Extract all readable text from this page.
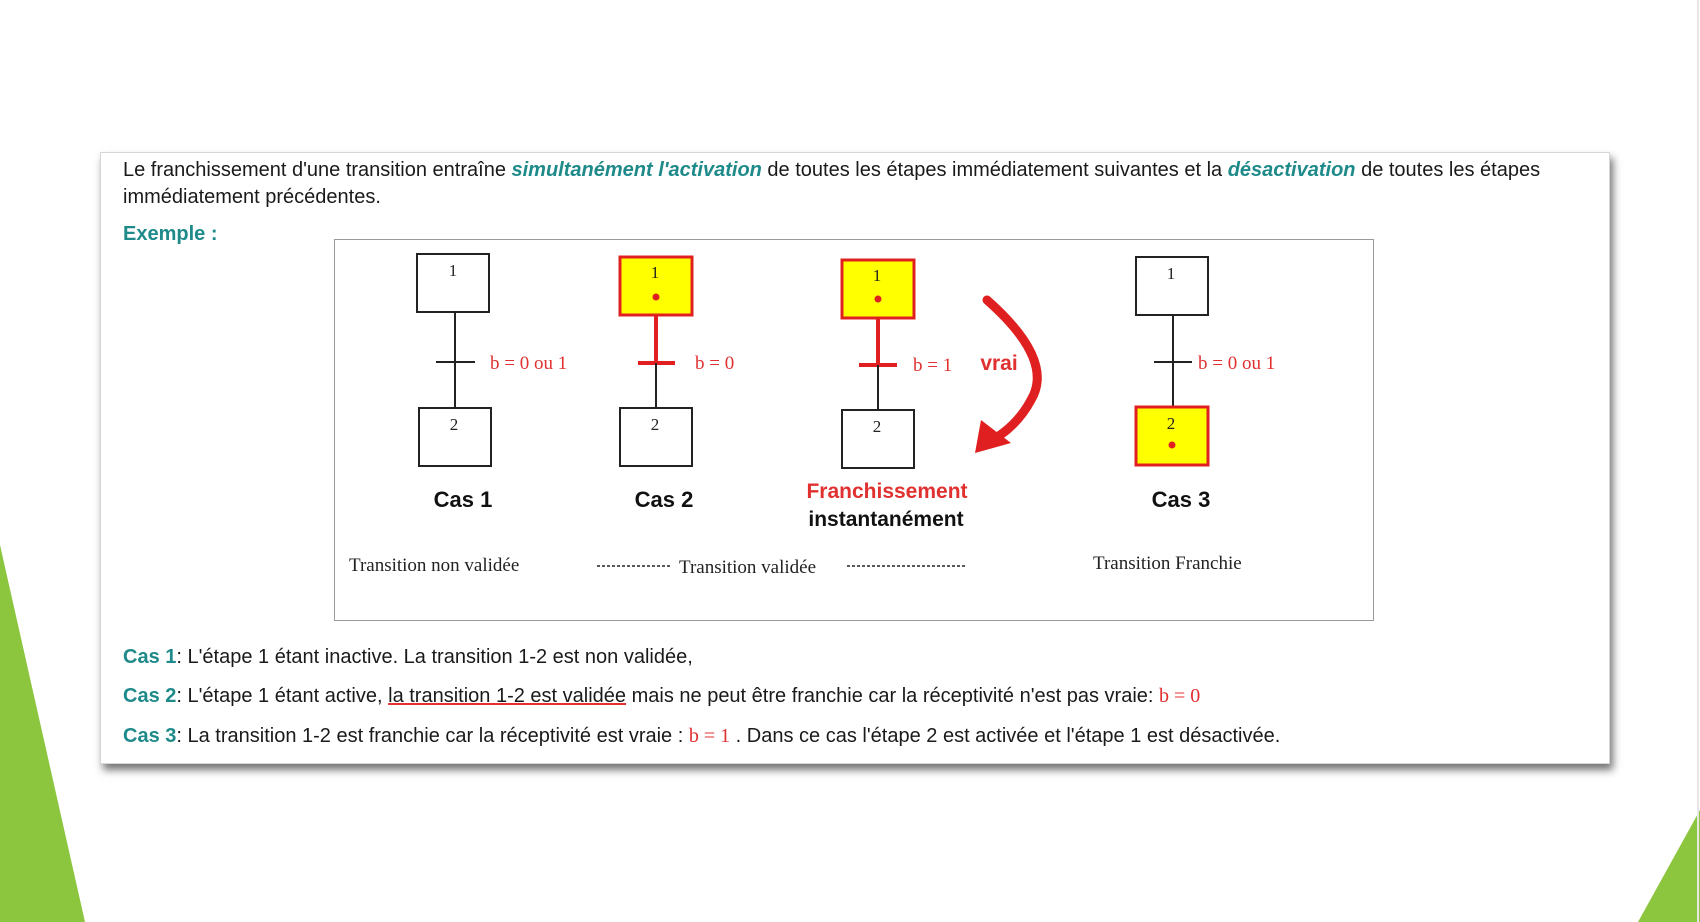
Le franchissement d'une transition entraîne simultanément l'activation de toutes les étapes immédiatement suivantes et la désactivation de toutes les étapes immédiatement précédentes.
Exemple :
1
b = 0 ou 1
2
Cas 1
1
b = 0
2
Cas 2
1
b = 1
2
vrai
Franchissement
instantanément
1
b = 0 ou 1
2
Cas 3
Transition non validée	Transition validée	Transition Franchie
Cas 1: L'étape 1 étant inactive. La transition 1-2 est non validée,
Cas 2: L'étape 1 étant active, la transition 1-2 est validée mais ne peut être franchie car la réceptivité n'est pas vraie: b = 0
Cas 3: La transition 1-2 est franchie car la réceptivité est vraie : b = 1 . Dans ce cas l'étape 2 est activée et l'étape 1 est désactivée.
